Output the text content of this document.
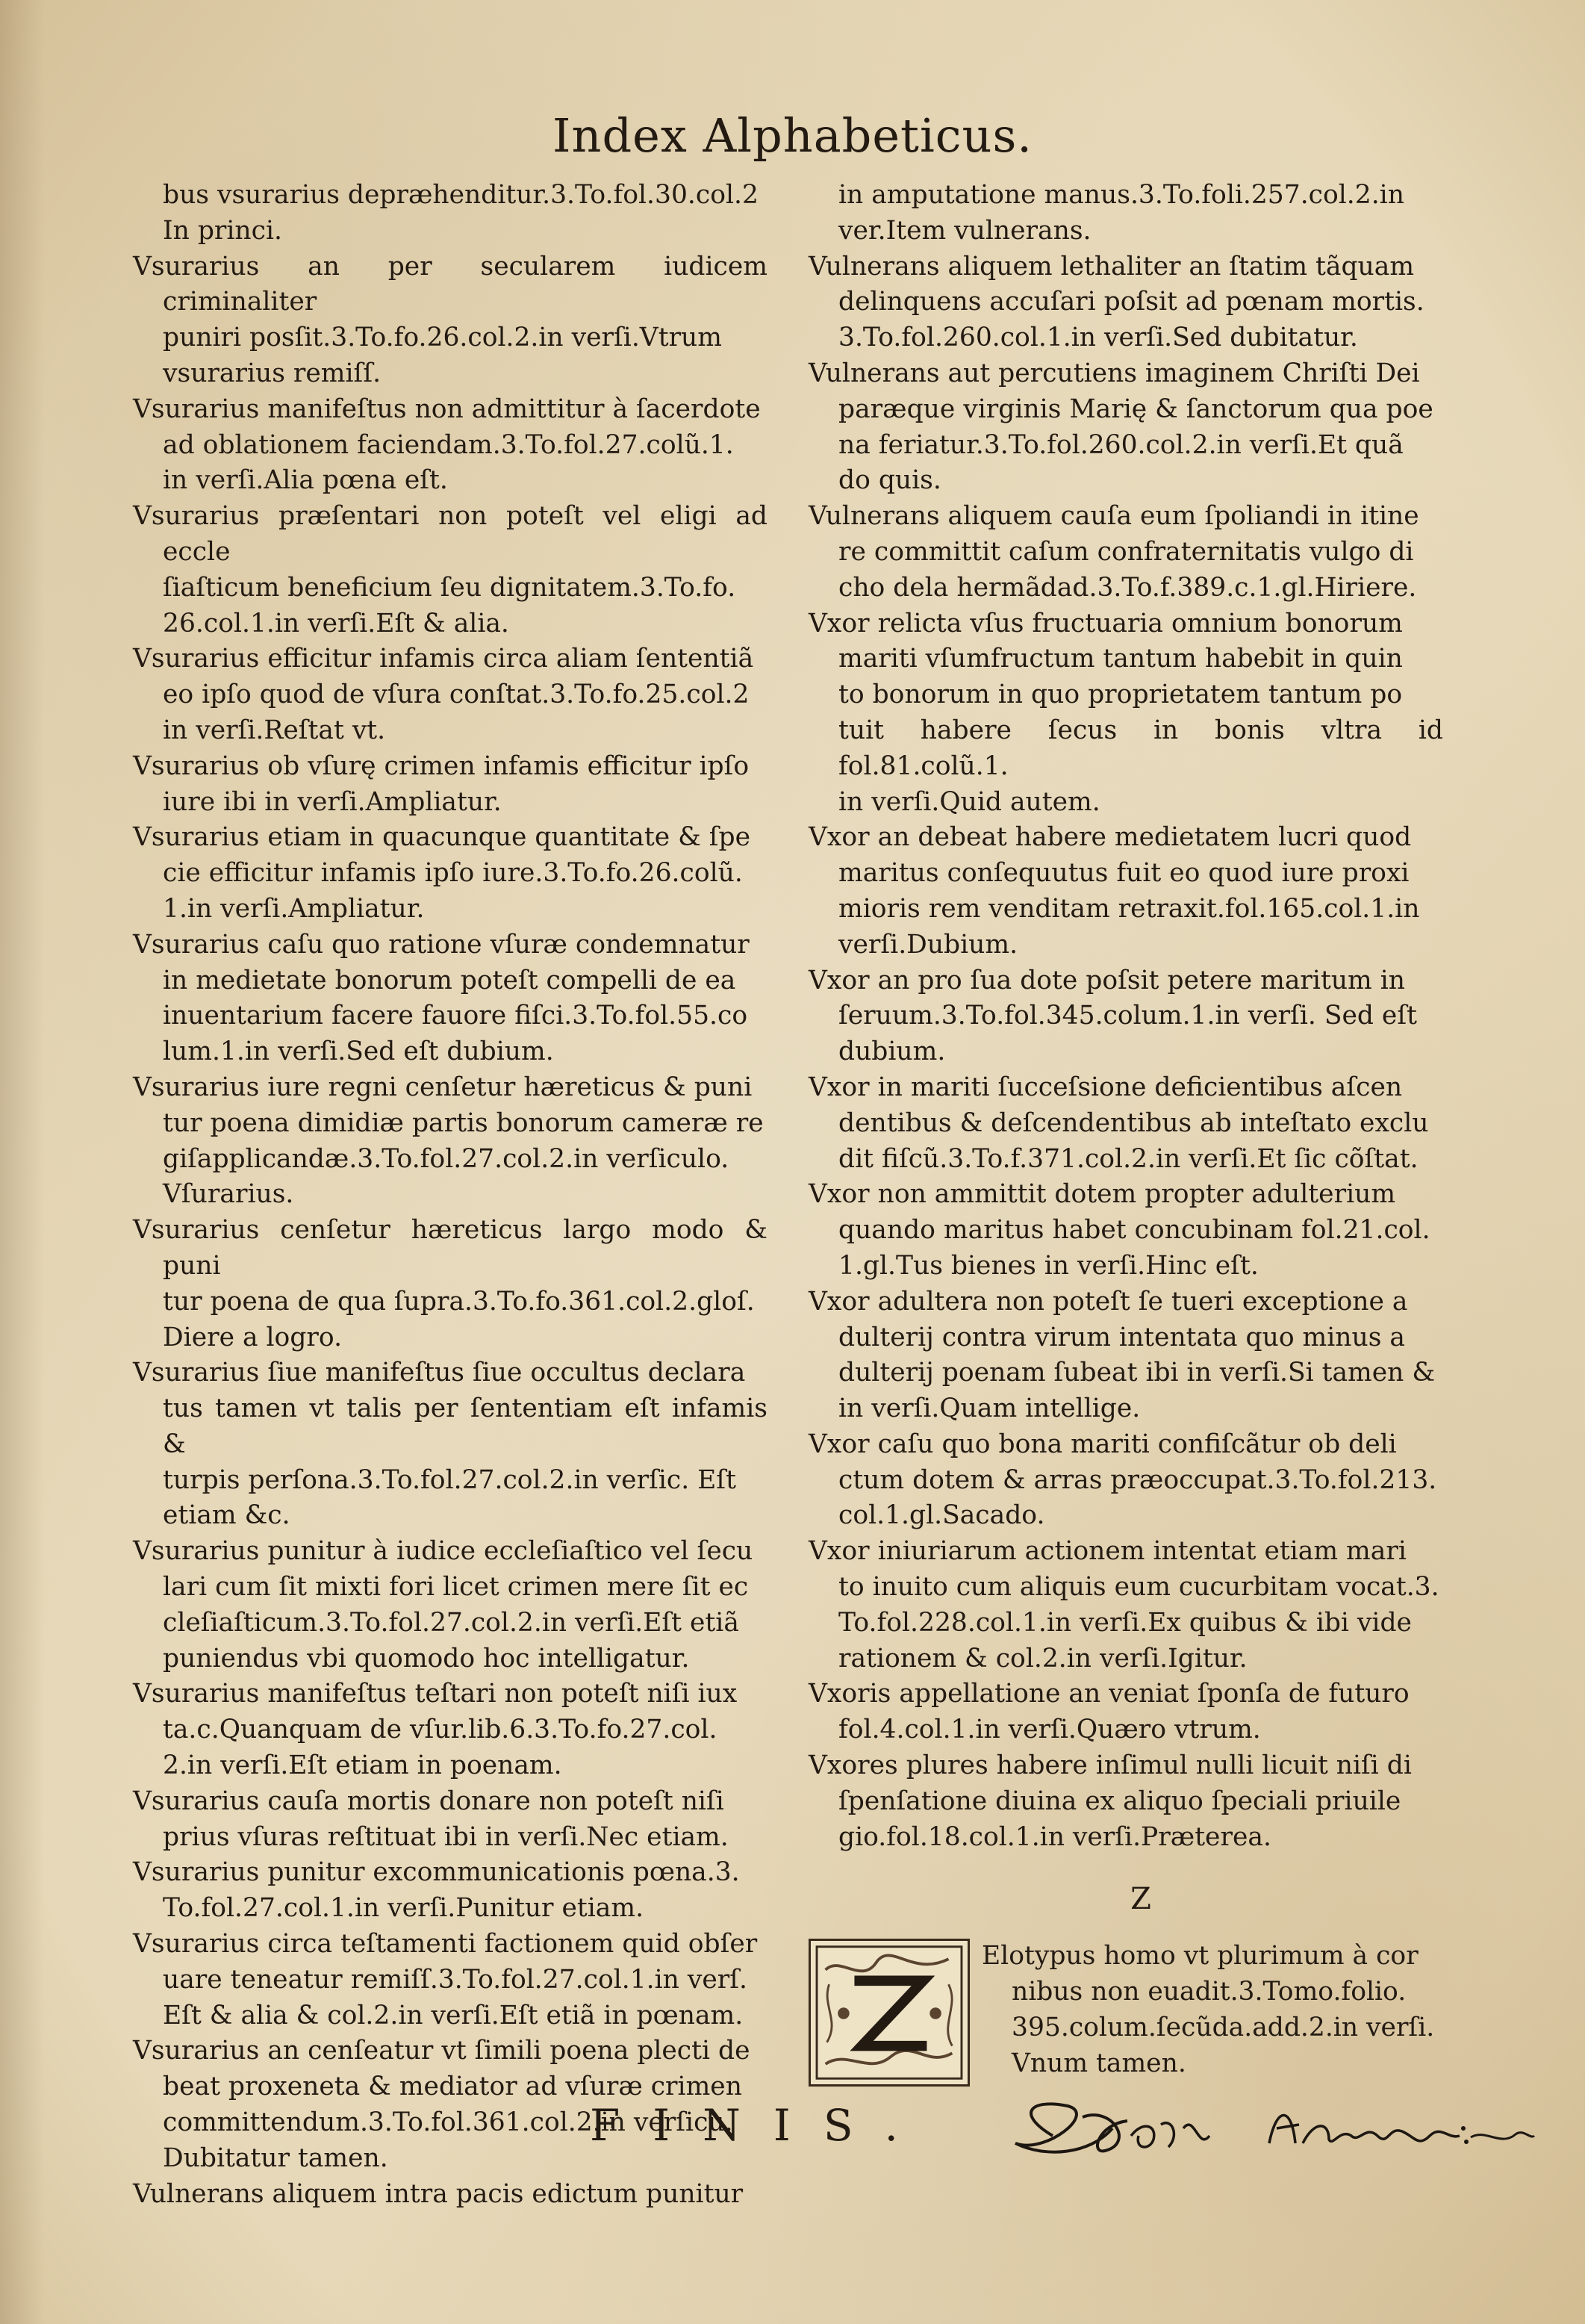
Index Alphabeticus.
bus vsurarius depræhenditur.3.To.fol.30.col.2
In princi.
Vsurarius an per secularem iudicem criminaliter
puniri posſit.3.To.fo.26.col.2.in verſi.Vtrum
vsurarius remiſſ.
Vsurarius manifeſtus non admittitur à ſacerdote
ad oblationem faciendam.3.To.fol.27.colũ.1.
in verſi.Alia pœna eſt.
Vsurarius præſentari non poteſt vel eligi ad eccle
ſiaſticum beneficium ſeu dignitatem.3.To.fo.
26.col.1.in verſi.Eſt & alia.
Vsurarius efficitur infamis circa aliam ſententiã
eo ipſo quod de vſura conſtat.3.To.fo.25.col.2
in verſi.Reſtat vt.
Vsurarius ob vſurę crimen infamis efficitur ipſo
iure ibi in verſi.Ampliatur.
Vsurarius etiam in quacunque quantitate & ſpe
cie efficitur infamis ipſo iure.3.To.fo.26.colũ.
1.in verſi.Ampliatur.
Vsurarius caſu quo ratione vſuræ condemnatur
in medietate bonorum poteſt compelli de ea
inuentarium facere fauore fiſci.3.To.fol.55.co
lum.1.in verſi.Sed eſt dubium.
Vsurarius iure regni cenſetur hæreticus & puni
tur poena dimidiæ partis bonorum cameræ re
giſapplicandæ.3.To.fol.27.col.2.in verſiculo.
Vſurarius.
Vsurarius cenſetur hæreticus largo modo & puni
tur poena de qua ſupra.3.To.fo.361.col.2.gloſ.
Diere a logro.
Vsurarius ſiue manifeſtus ſiue occultus declara
tus tamen vt talis per ſententiam eſt infamis &
turpis perſona.3.To.fol.27.col.2.in verſic. Eſt
etiam &c.
Vsurarius punitur à iudice eccleſiaſtico vel ſecu
lari cum ſit mixti fori licet crimen mere ſit ec
cleſiaſticum.3.To.fol.27.col.2.in verſi.Eſt etiã
puniendus vbi quomodo hoc intelligatur.
Vsurarius manifeſtus teſtari non poteſt niſi iux
ta.c.Quanquam de vſur.lib.6.3.To.fo.27.col.
2.in verſi.Eſt etiam in poenam.
Vsurarius cauſa mortis donare non poteſt niſi
prius vſuras reſtituat ibi in verſi.Nec etiam.
Vsurarius punitur excommunicationis pœna.3.
To.fol.27.col.1.in verſi.Punitur etiam.
Vsurarius circa teſtamenti factionem quid obſer
uare teneatur remiſſ.3.To.fol.27.col.1.in verſ.
Eſt & alia & col.2.in verſi.Eſt etiã in pœnam.
Vsurarius an cenſeatur vt ſimili poena plecti de
beat proxeneta & mediator ad vſuræ crimen
committendum.3.To.fol.361.col.2.in verſicu.
Dubitatur tamen.
Vulnerans aliquem intra pacis edictum punitur
in amputatione manus.3.To.foli.257.col.2.in
ver.Item vulnerans.
Vulnerans aliquem lethaliter an ſtatim tãquam
delinquens accuſari poſsit ad pœnam mortis.
3.To.fol.260.col.1.in verſi.Sed dubitatur.
Vulnerans aut percutiens imaginem Chriſti Dei
paræque virginis Marię & ſanctorum qua poe
na feriatur.3.To.fol.260.col.2.in verſi.Et quã
do quis.
Vulnerans aliquem cauſa eum ſpoliandi in itine
re committit caſum confraternitatis vulgo di
cho dela hermãdad.3.To.f.389.c.1.gl.Hiriere.
Vxor relicta vſus fructuaria omnium bonorum
mariti vſumfructum tantum habebit in quin
to bonorum in quo proprietatem tantum po
tuit habere ſecus in bonis vltra id fol.81.colũ.1.
in verſi.Quid autem.
Vxor an debeat habere medietatem lucri quod
maritus conſequutus fuit eo quod iure proxi
mioris rem venditam retraxit.fol.165.col.1.in
verſi.Dubium.
Vxor an pro ſua dote poſsit petere maritum in
ſeruum.3.To.fol.345.colum.1.in verſi. Sed eſt
dubium.
Vxor in mariti ſucceſsione deficientibus aſcen
dentibus & deſcendentibus ab inteſtato exclu
dit fiſcũ.3.To.f.371.col.2.in verſi.Et ſic cõſtat.
Vxor non ammittit dotem propter adulterium
quando maritus habet concubinam fol.21.col.
1.gl.Tus bienes in verſi.Hinc eſt.
Vxor adultera non poteſt ſe tueri exceptione a
dulterij contra virum intentata quo minus a
dulterij poenam ſubeat ibi in verſi.Si tamen &
in verſi.Quam intellige.
Vxor caſu quo bona mariti confiſcãtur ob deli
ctum dotem & arras præoccupat.3.To.fol.213.
col.1.gl.Sacado.
Vxor iniuriarum actionem intentat etiam mari
to inuito cum aliquis eum cucurbitam vocat.3.
To.fol.228.col.1.in verſi.Ex quibus & ibi vide
rationem & col.2.in verſi.Igitur.
Vxoris appellatione an veniat ſponſa de futuro
fol.4.col.1.in verſi.Quæro vtrum.
Vxores plures habere inſimul nulli licuit niſi di
ſpenſatione diuina ex aliquo ſpeciali priuile
gio.fol.18.col.1.in verſi.Præterea.
Z
Elotypus homo vt plurimum à cor
nibus non euadit.3.Tomo.folio.
395.colum.ſecũda.add.2.in verſi.
Vnum tamen.
FINIS.
